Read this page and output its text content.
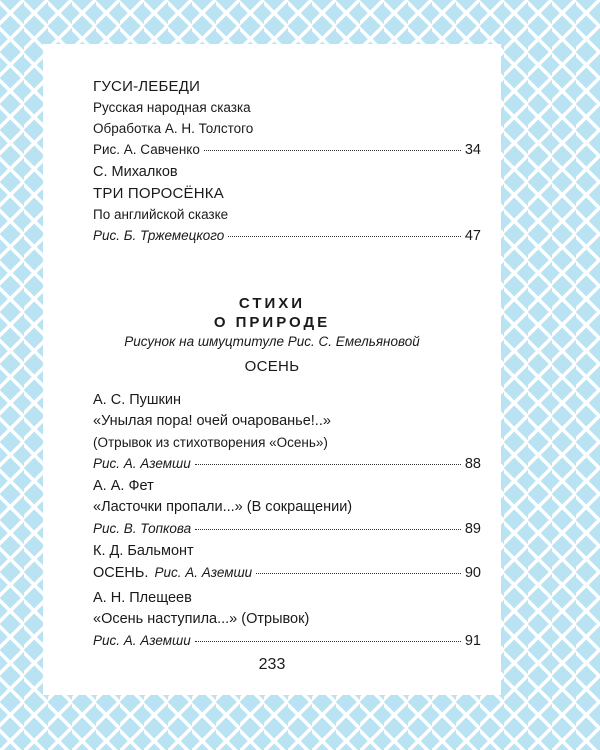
ГУСИ-ЛЕБЕДИ
Русская народная сказка
Обработка А. Н. Толстого
Рис. А. Савченко	34
С. Михалков
ТРИ ПОРОСЁНКА
По английской сказке
Рис. Б. Тржемецкого	47
СТИХИ
О ПРИРОДЕ
Рисунок на шмуцтитуле Рис. С. Емельяновой
ОСЕНЬ
А. С. Пушкин
«Унылая пора! очей очарованье!..»
(Отрывок из стихотворения «Осень»)
Рис. А. Аземши	88
А. А. Фет
«Ласточки пропали...» (В сокращении)
Рис. В. Топкова	89
К. Д. Бальмонт
ОСЕНЬ. Рис. А. Аземши	90
А. Н. Плещеев
«Осень наступила...» (Отрывок)
Рис. А. Аземши	91
233
